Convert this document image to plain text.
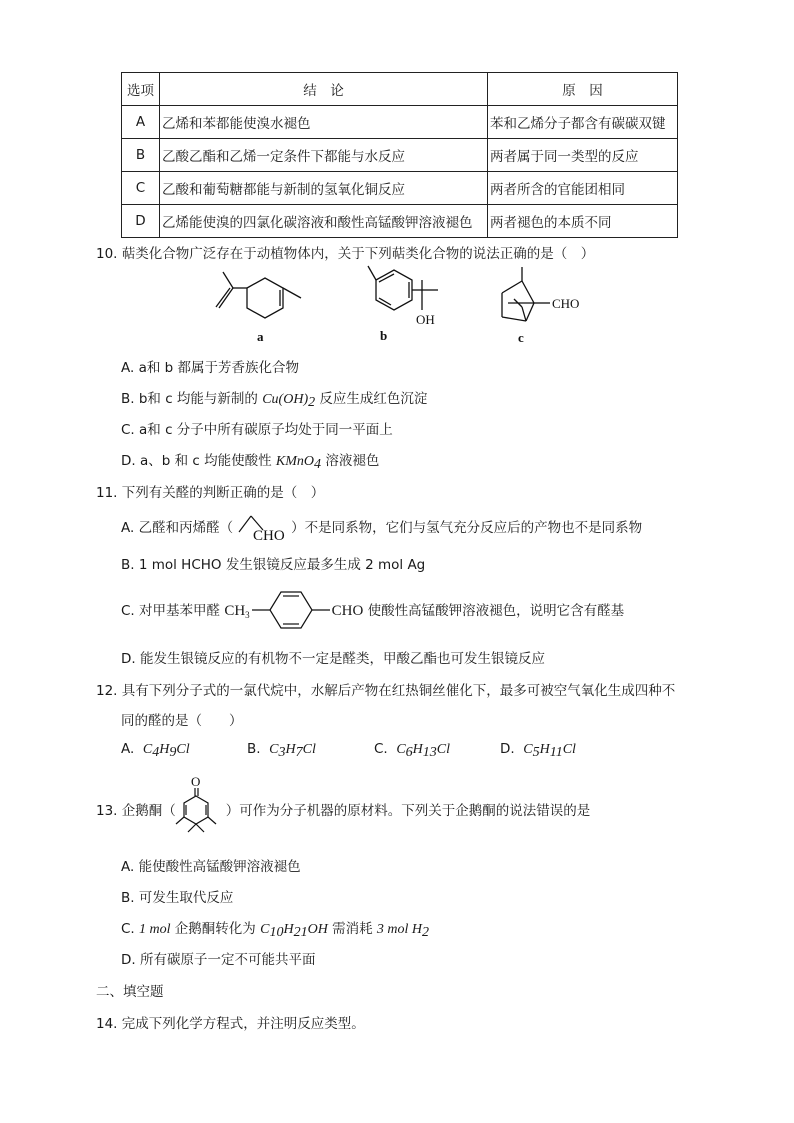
选项	结　论	原　因
A	乙烯和苯都能使溴水褪色	苯和乙烯分子都含有碳碳双键
B	乙酸乙酯和乙烯一定条件下都能与水反应	两者属于同一类型的反应
C	乙酸和葡萄糖都能与新制的氢氧化铜反应	两者所含的官能团相同
D	乙烯能使溴的四氯化碳溶液和酸性高锰酸钾溶液褪色	两者褪色的本质不同
10. 萜类化合物广泛存在于动植物体内，关于下列萜类化合物的说法正确的是（　）
a
OH
b
CHO
c
A. a和 b 都属于芳香族化合物
B. b和 c 均能与新制的 $Cu(OH)_2$ 反应生成红色沉淀
C. a和 c 分子中所有碳原子均处于同一平面上
D. a、b 和 c 均能使酸性 KMnO$_4$ 溶液褪色
11. 下列有关醛的判断正确的是（　）
A. 乙醛和丙烯醛（ CHO ）不是同系物，它们与氢气充分反应后的产物也不是同系物
B. 1 mol HCHO 发生银镜反应最多生成 2 mol Ag
C. 对甲基苯甲醛 $CH_3$	CHO 使酸性高锰酸钾溶液褪色，说明它含有醛基
D. 能发生银镜反应的有机物不一定是醛类，甲酸乙酯也可发生银镜反应
12. 具有下列分子式的一氯代烷中，水解后产物在红热铜丝催化下，最多可被空气氧化生成四种不
同的醛的是（　　）
A. $C_4H_9Cl$	B. $C_3H_7Cl$	C. $C_6H_{13}Cl$	D. $C_5H_{11}Cl$
13. 企鹅酮（	）可作为分子机器的原材料。下列关于企鹅酮的说法错误的是
O
A. 能使酸性高锰酸钾溶液褪色
B. 可发生取代反应
C. 1 mol 企鹅酮转化为 $C_{10}H_{21}OH$ 需消耗 3 mol $H_2$
D. 所有碳原子一定不可能共平面
二、填空题
14. 完成下列化学方程式，并注明反应类型。
